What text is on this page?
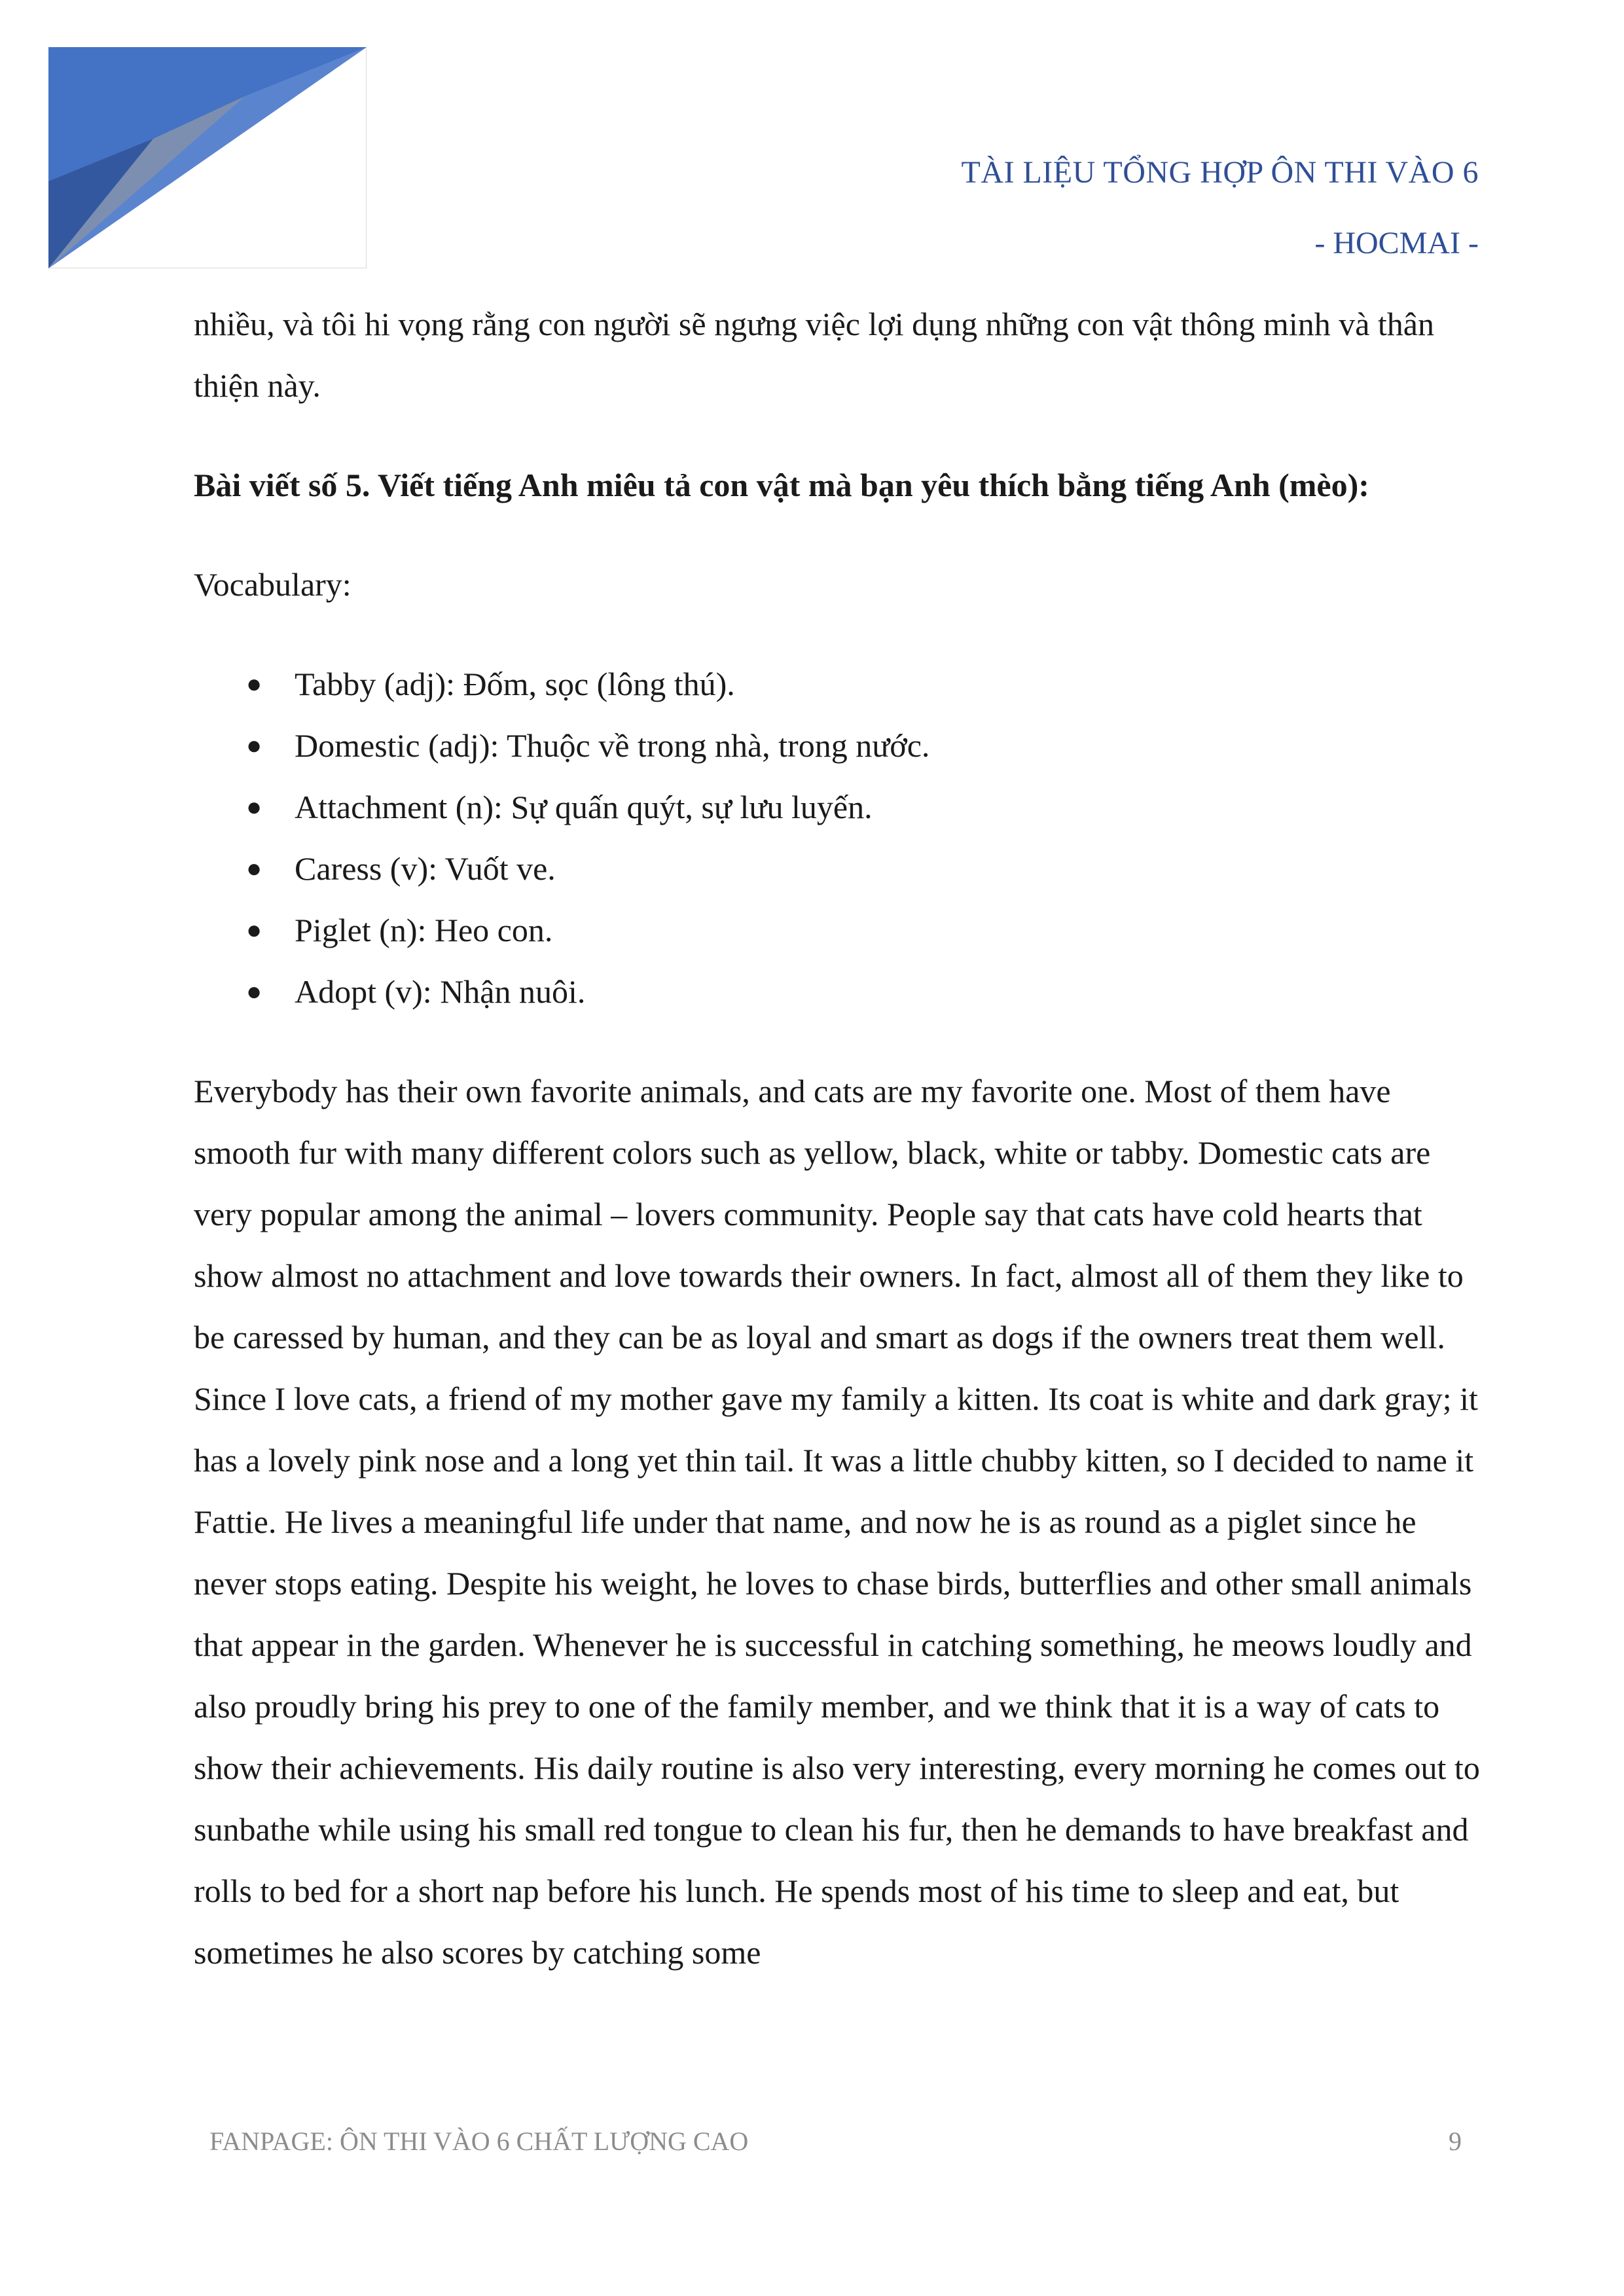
TÀI LIỆU TỔNG HỢP ÔN THI VÀO 6
- HOCMAI -

nhiều, và tôi hi vọng rằng con người sẽ ngưng việc lợi dụng những con vật thông minh và thân thiện này.

Bài viết số 5. Viết tiếng Anh miêu tả con vật mà bạn yêu thích bằng tiếng Anh (mèo):

Vocabulary:

● Tabby (adj): Đốm, sọc (lông thú).
● Domestic (adj): Thuộc về trong nhà, trong nước.
● Attachment (n): Sự quấn quýt, sự lưu luyến.
● Caress (v): Vuốt ve.
● Piglet (n): Heo con.
● Adopt (v): Nhận nuôi.

Everybody has their own favorite animals, and cats are my favorite one. Most of them have smooth fur with many different colors such as yellow, black, white or tabby. Domestic cats are very popular among the animal – lovers community. People say that cats have cold hearts that show almost no attachment and love towards their owners. In fact, almost all of them they like to be caressed by human, and they can be as loyal and smart as dogs if the owners treat them well. Since I love cats, a friend of my mother gave my family a kitten. Its coat is white and dark gray; it has a lovely pink nose and a long yet thin tail. It was a little chubby kitten, so I decided to name it Fattie. He lives a meaningful life under that name, and now he is as round as a piglet since he never stops eating. Despite his weight, he loves to chase birds, butterflies and other small animals that appear in the garden. Whenever he is successful in catching something, he meows loudly and also proudly bring his prey to one of the family member, and we think that it is a way of cats to show their achievements. His daily routine is also very interesting, every morning he comes out to sunbathe while using his small red tongue to clean his fur, then he demands to have breakfast and rolls to bed for a short nap before his lunch. He spends most of his time to sleep and eat, but sometimes he also scores by catching some

FANPAGE: ÔN THI VÀO 6 CHẤT LƯỢNG CAO	9
